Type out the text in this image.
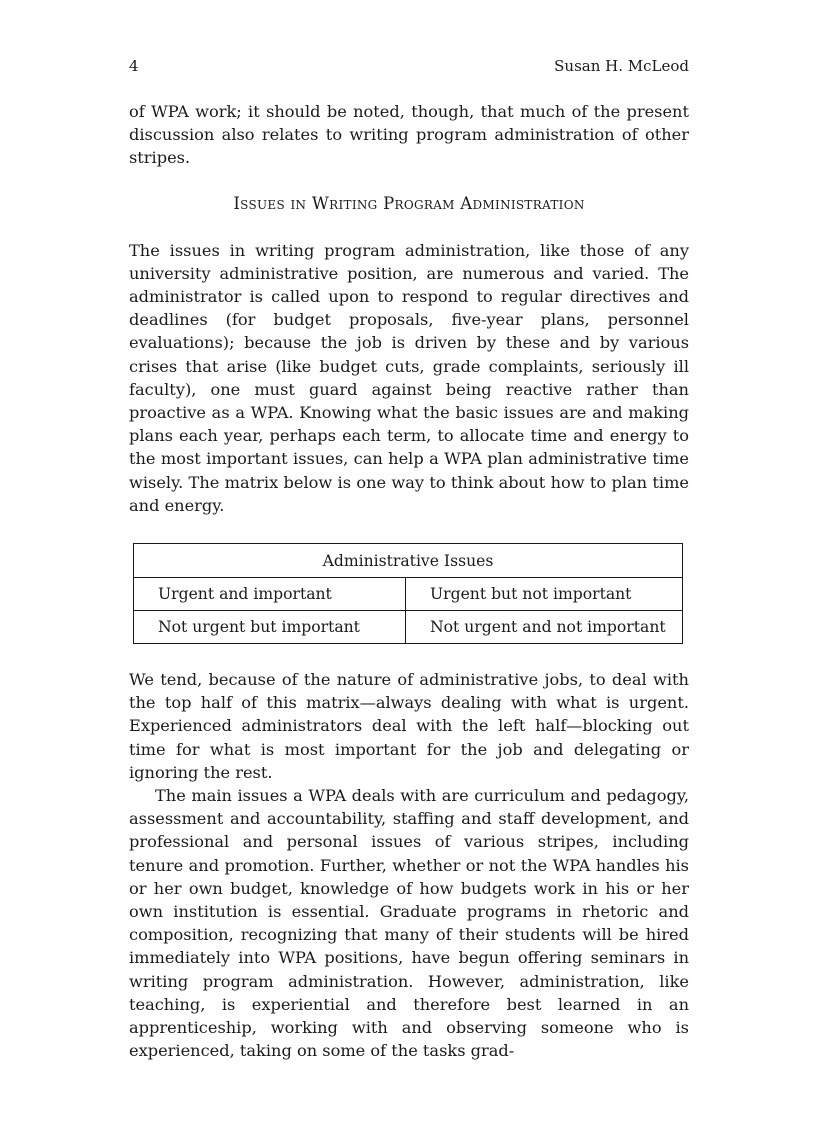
4	Susan H. McLeod

of WPA work; it should be noted, though, that much of the present discussion also relates to writing program administration of other stripes.

Issues in Writing Program Administration

The issues in writing program administration, like those of any university administrative position, are numerous and varied. The administrator is called upon to respond to regular directives and deadlines (for budget proposals, five-year plans, personnel evaluations); because the job is driven by these and by various crises that arise (like budget cuts, grade complaints, seriously ill faculty), one must guard against being reactive rather than proactive as a WPA. Knowing what the basic issues are and making plans each year, perhaps each term, to allocate time and energy to the most important issues, can help a WPA plan administrative time wisely. The matrix below is one way to think about how to plan time and energy.

Administrative Issues	
Urgent and important	Urgent but not important
Not urgent but important	Not urgent and not important

We tend, because of the nature of administrative jobs, to deal with the top half of this matrix—always dealing with what is urgent. Experienced administrators deal with the left half—blocking out time for what is most important for the job and delegating or ignoring the rest.

The main issues a WPA deals with are curriculum and pedagogy, assessment and accountability, staffing and staff development, and professional and personal issues of various stripes, including tenure and promotion. Further, whether or not the WPA handles his or her own budget, knowledge of how budgets work in his or her own institution is essential. Graduate programs in rhetoric and composition, recognizing that many of their students will be hired immediately into WPA positions, have begun offering seminars in writing program administration. However, administration, like teaching, is experiential and therefore best learned in an apprenticeship, working with and observing someone who is experienced, taking on some of the tasks grad-
